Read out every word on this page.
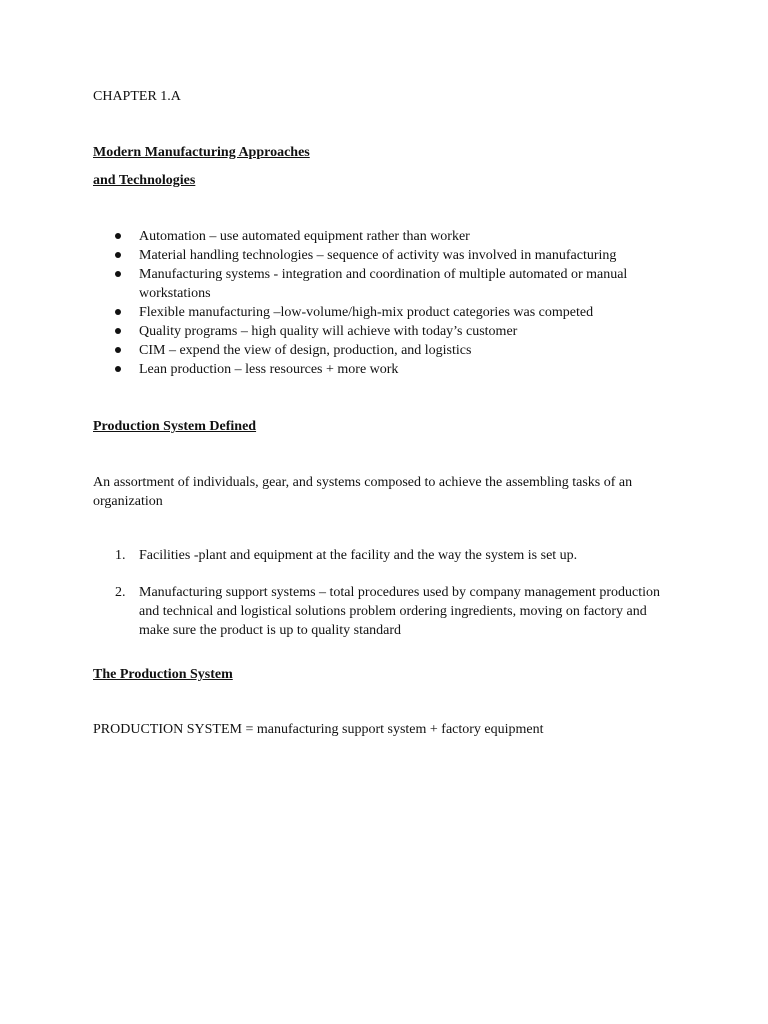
CHAPTER 1.A
Modern Manufacturing Approaches
and Technologies
Automation – use automated equipment rather than worker
Material handling technologies – sequence of activity was involved in manufacturing
Manufacturing systems - integration and coordination of multiple automated or manual workstations
Flexible manufacturing –low-volume/high-mix product categories was competed
Quality programs – high quality will achieve with today’s customer
CIM – expend the view of design, production, and logistics
Lean production – less resources + more work
Production System Defined
An assortment of individuals, gear, and systems composed to achieve the assembling tasks of an organization
1. Facilities -plant and equipment at the facility and the way the system is set up.
2. Manufacturing support systems – total procedures used by company management production and technical and logistical solutions problem ordering ingredients, moving on factory and make sure the product is up to quality standard
The Production System
PRODUCTION SYSTEM = manufacturing support system + factory equipment
